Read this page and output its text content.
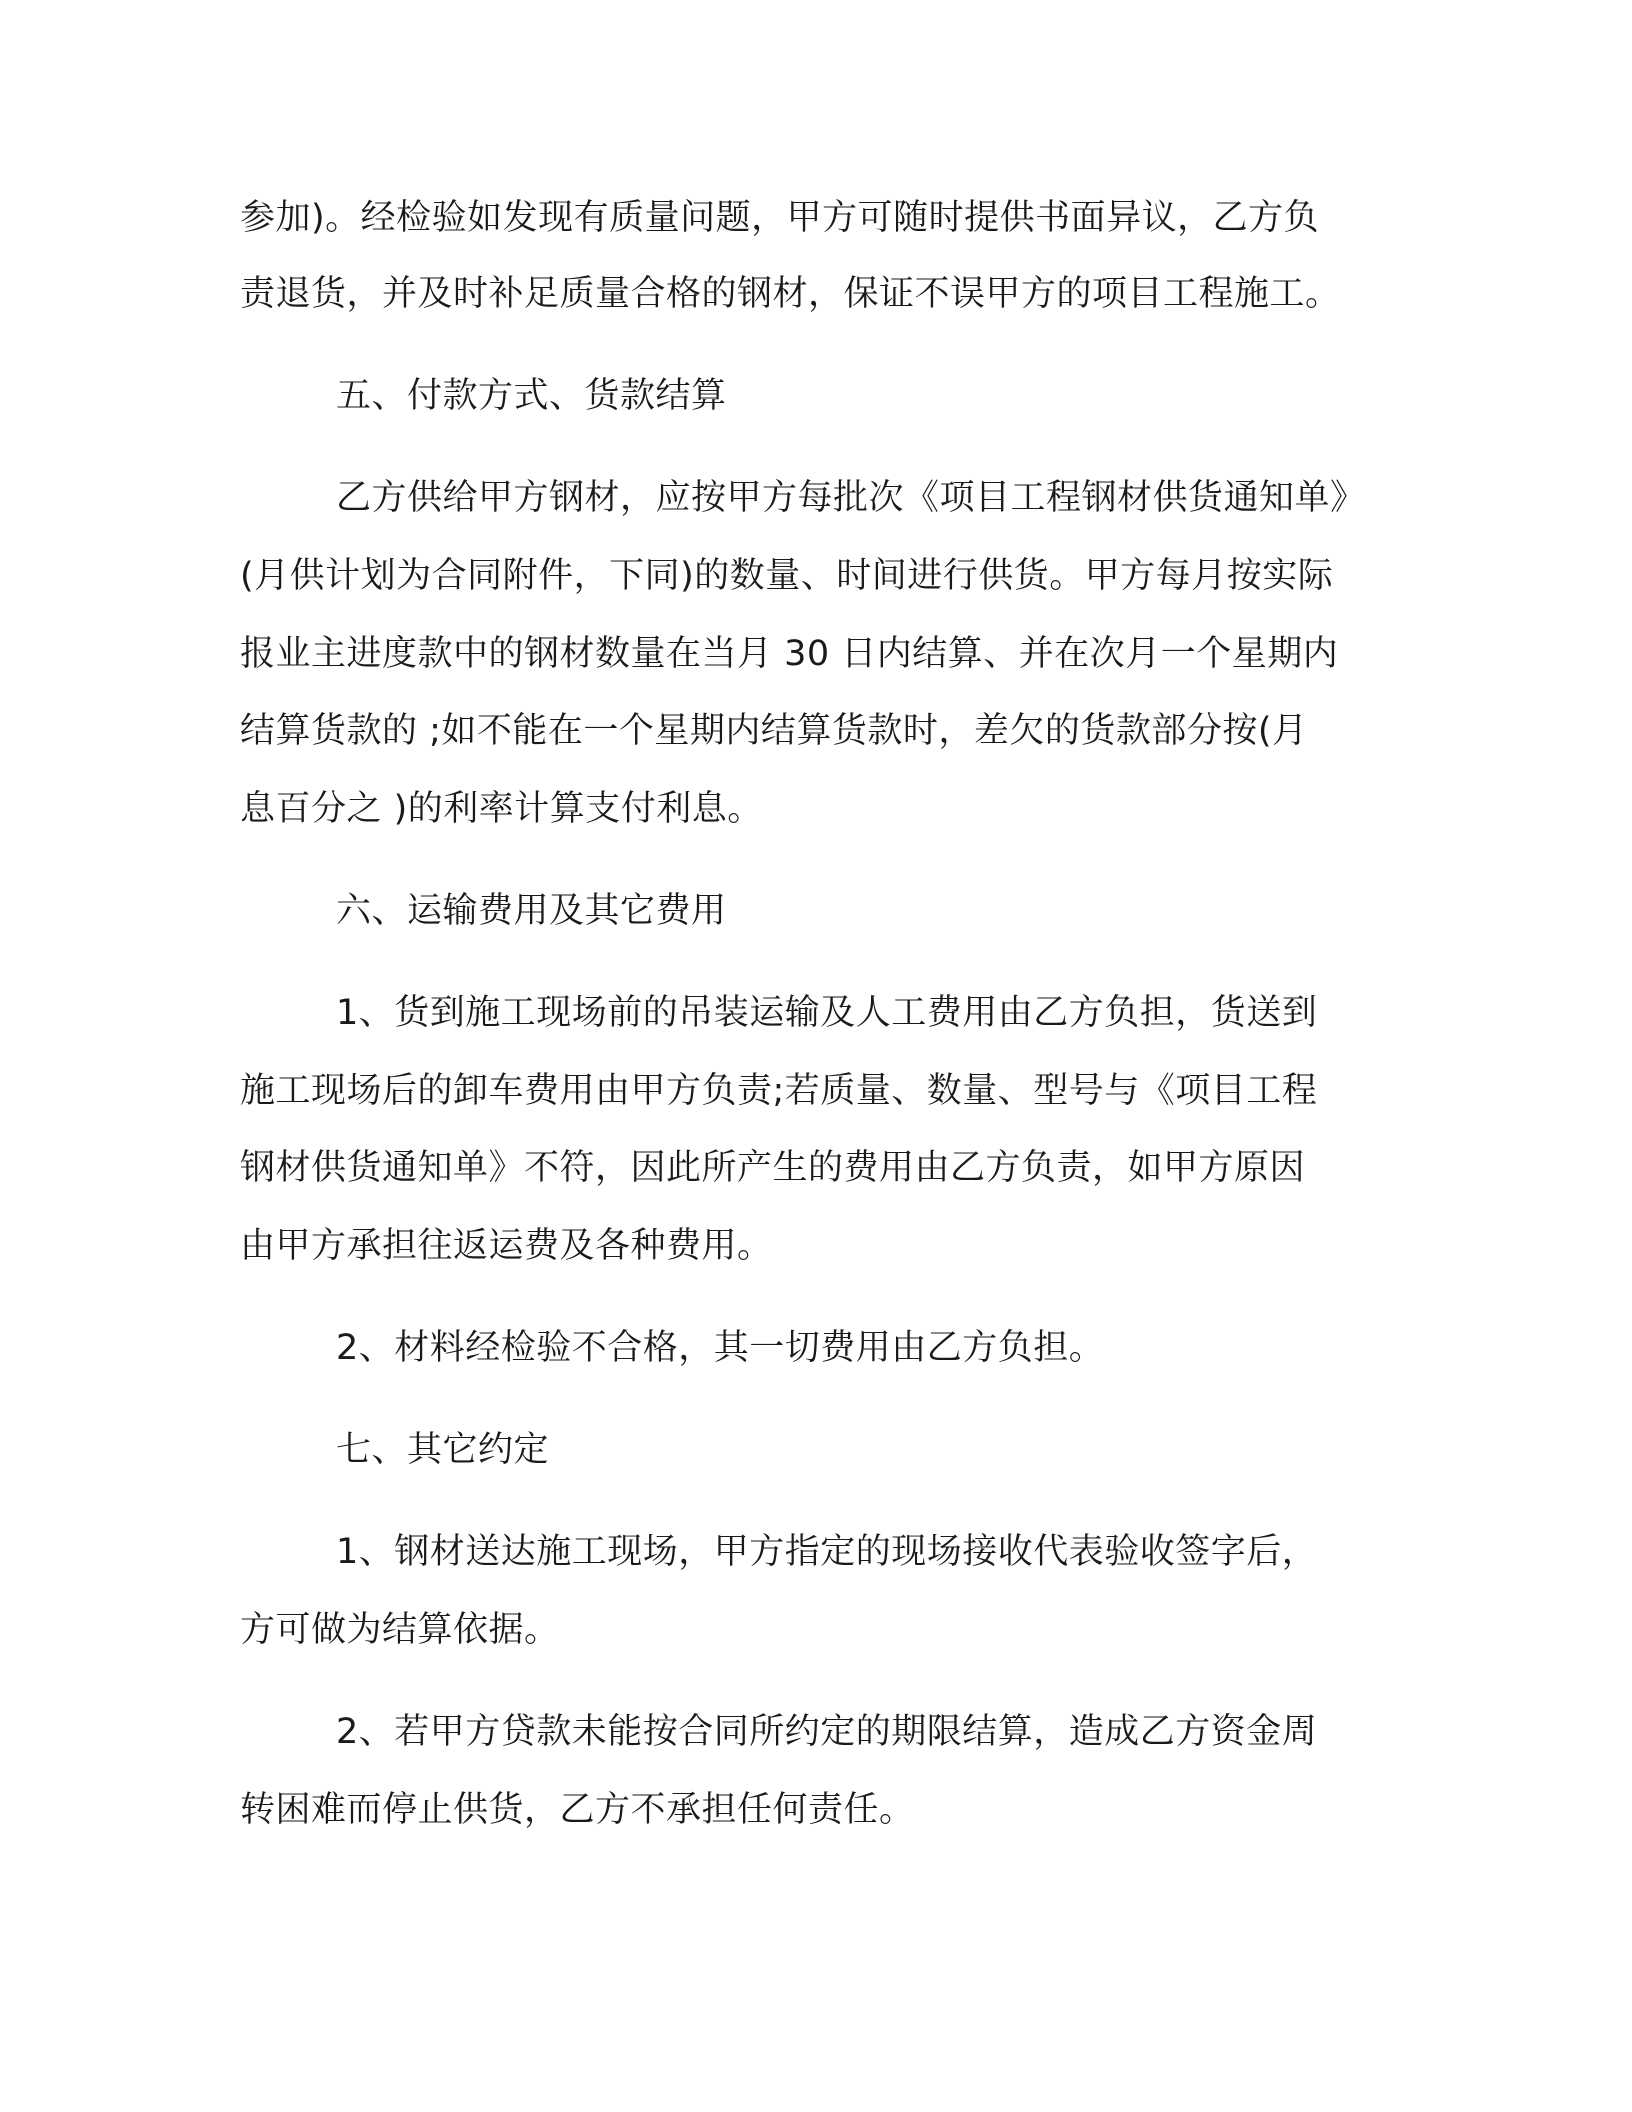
参加)。经检验如发现有质量问题，甲方可随时提供书面异议，乙方负
责退货，并及时补足质量合格的钢材，保证不误甲方的项目工程施工。
五、付款方式、货款结算
乙方供给甲方钢材，应按甲方每批次《项目工程钢材供货通知单》
(月供计划为合同附件，下同)的数量、时间进行供货。甲方每月按实际
报业主进度款中的钢材数量在当月 30 日内结算、并在次月一个星期内
结算货款的 ;如不能在一个星期内结算货款时，差欠的货款部分按(月
息百分之 )的利率计算支付利息。
六、运输费用及其它费用
1、货到施工现场前的吊装运输及人工费用由乙方负担，货送到
施工现场后的卸车费用由甲方负责;若质量、数量、型号与《项目工程
钢材供货通知单》不符，因此所产生的费用由乙方负责，如甲方原因
由甲方承担往返运费及各种费用。
2、材料经检验不合格，其一切费用由乙方负担。
七、其它约定
1、钢材送达施工现场，甲方指定的现场接收代表验收签字后，
方可做为结算依据。
2、若甲方贷款未能按合同所约定的期限结算，造成乙方资金周
转困难而停止供货，乙方不承担任何责任。
